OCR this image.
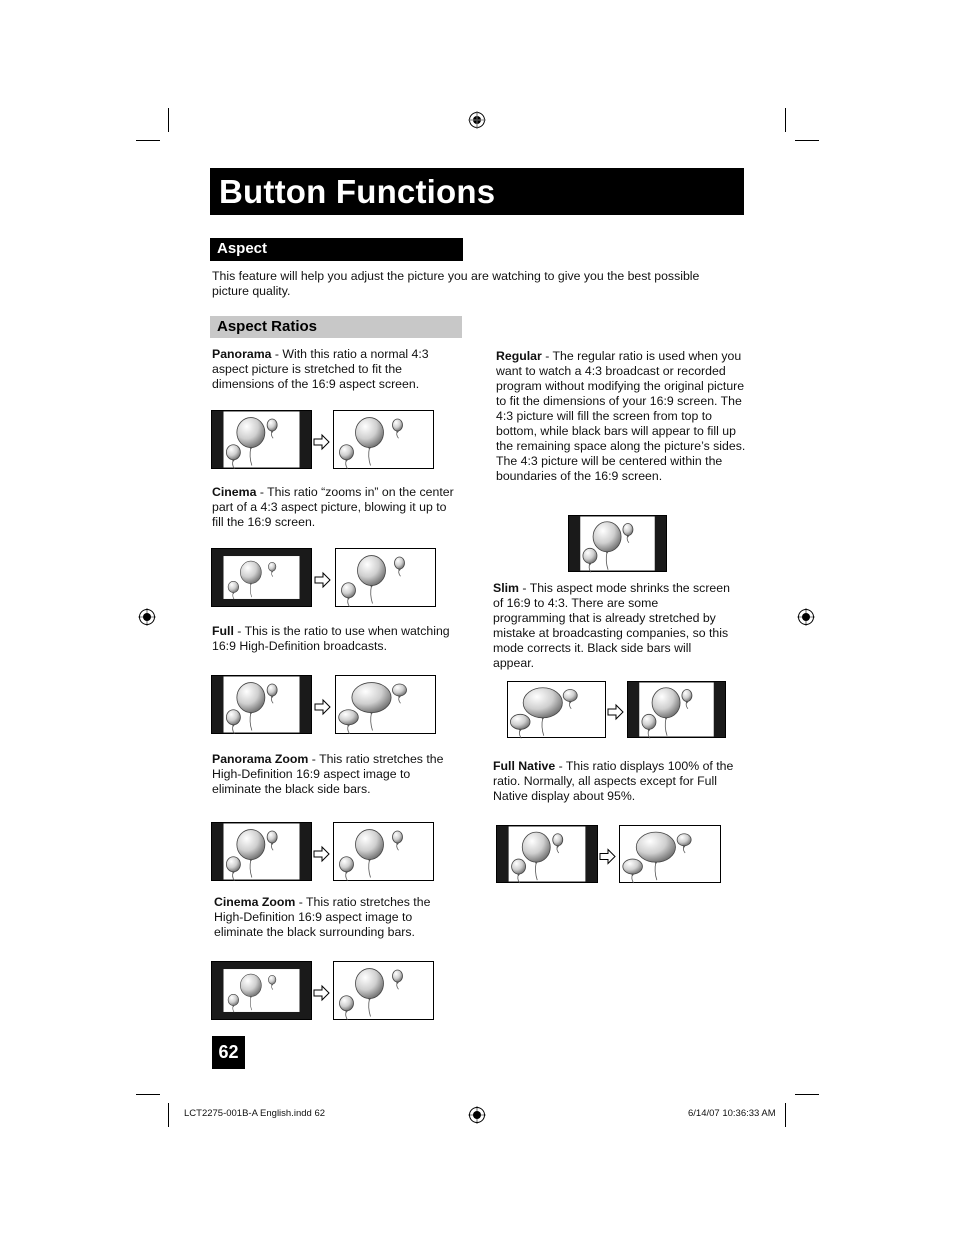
Button Functions
Aspect
This feature will help you adjust the picture you are watching to give you the best possible picture quality.
Aspect Ratios
Panorama - With this ratio a normal 4:3 aspect picture is stretched to fit the dimensions of the 16:9 aspect screen.
Cinema - This ratio “zooms in” on the center part of a 4:3 aspect picture, blowing it up to fill the 16:9 screen.
Full - This is the ratio to use when watching 16:9 High-Definition broadcasts.
Panorama Zoom - This ratio stretches the High-Definition 16:9 aspect image to eliminate the black side bars.
Cinema Zoom - This ratio stretches the High-Definition 16:9 aspect image to eliminate the black surrounding bars.
Regular - The regular ratio is used when you want to watch a 4:3 broadcast or recorded program without modifying the original picture to fit the dimensions of your 16:9 screen. The 4:3 picture will fill the screen from top to bottom, while black bars will appear to fill up the remaining space along the picture’s sides. The 4:3 picture will be centered within the boundaries of the 16:9 screen.
Slim - This aspect mode shrinks the screen of 16:9 to 4:3. There are some programming that is already stretched by mistake at broadcasting companies, so this mode corrects it. Black side bars will appear.
Full Native - This ratio displays 100% of the ratio. Normally, all aspects except for Full Native display about 95%.
62
LCT2275-001B-A English.indd 62	6/14/07 10:36:33 AM
